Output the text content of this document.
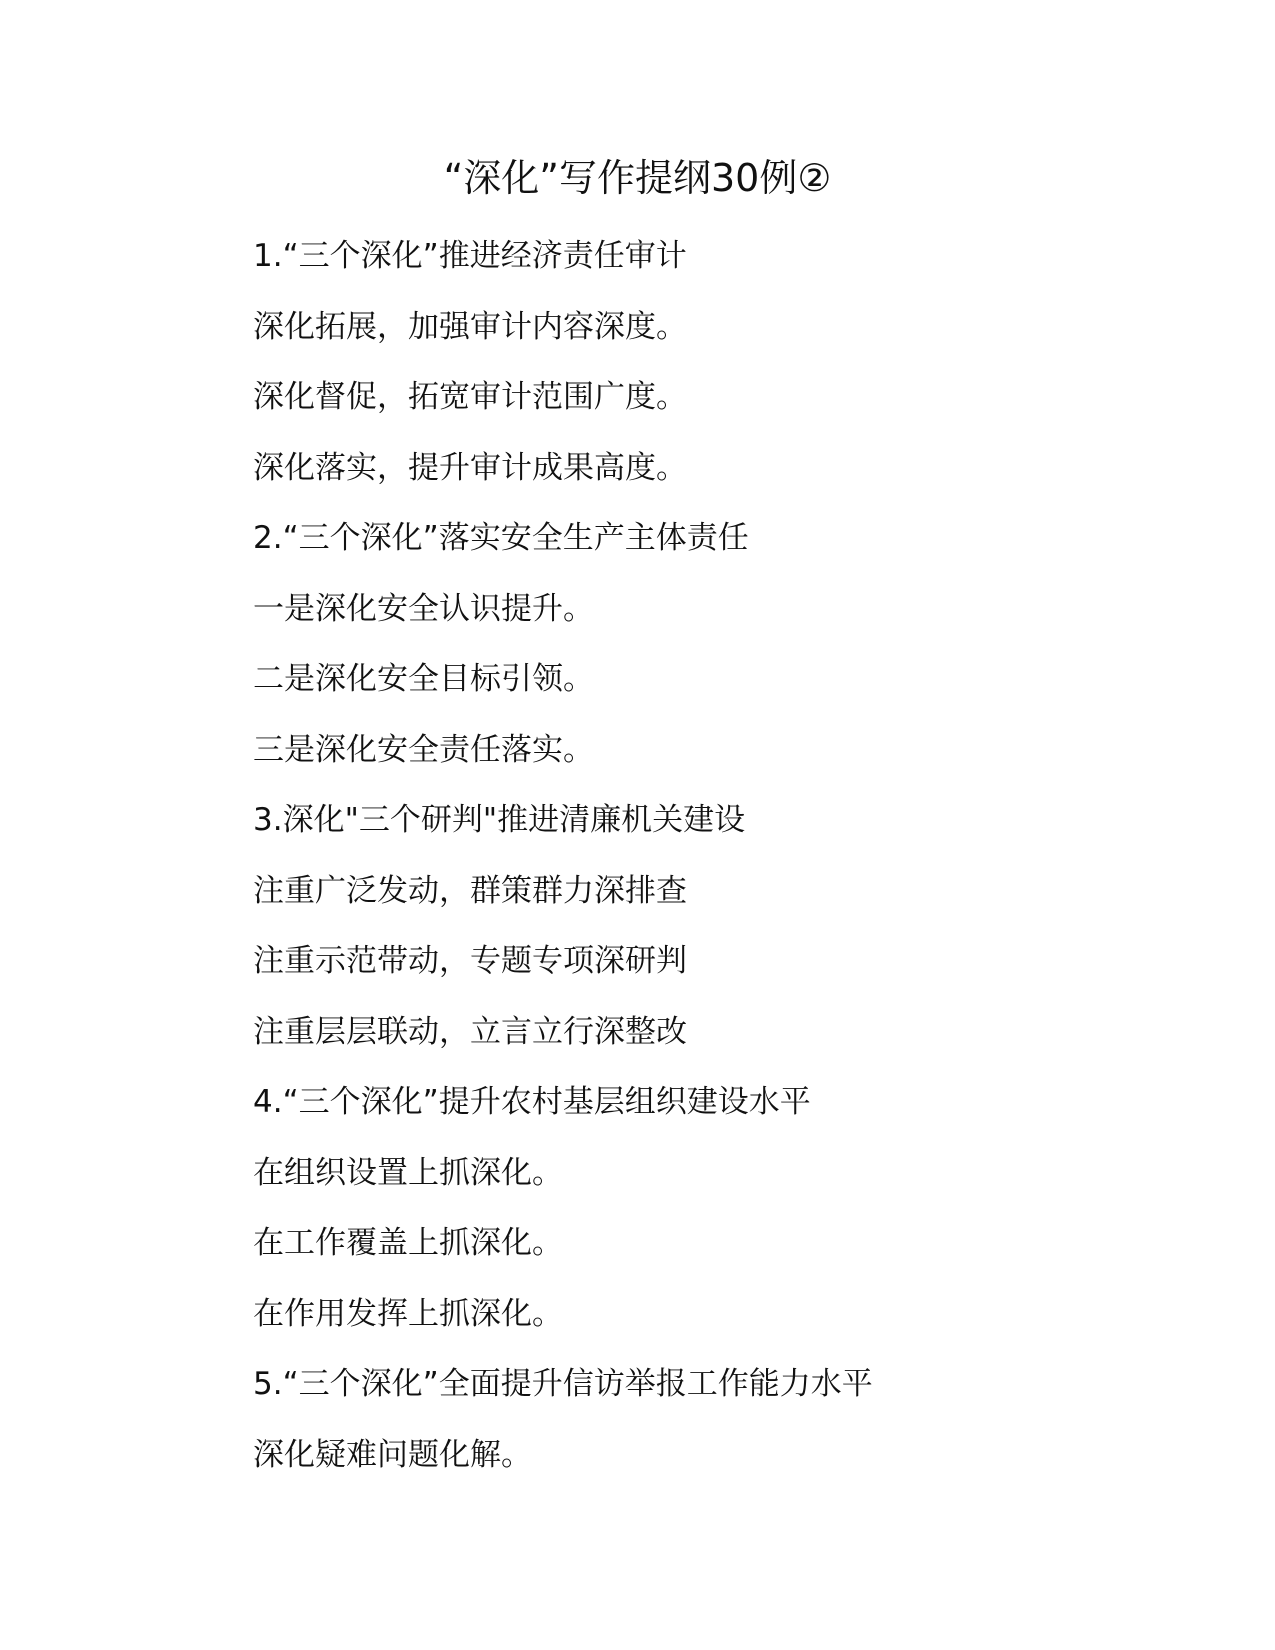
“深化”写作提纲30例②
1.“三个深化”推进经济责任审计
深化拓展，加强审计内容深度。
深化督促，拓宽审计范围广度。
深化落实，提升审计成果高度。
2.“三个深化”落实安全生产主体责任
一是深化安全认识提升。
二是深化安全目标引领。
三是深化安全责任落实。
3.深化"三个研判"推进清廉机关建设
注重广泛发动，群策群力深排查
注重示范带动，专题专项深研判
注重层层联动，立言立行深整改
4.“三个深化”提升农村基层组织建设水平
在组织设置上抓深化。
在工作覆盖上抓深化。
在作用发挥上抓深化。
5.“三个深化”全面提升信访举报工作能力水平
深化疑难问题化解。
